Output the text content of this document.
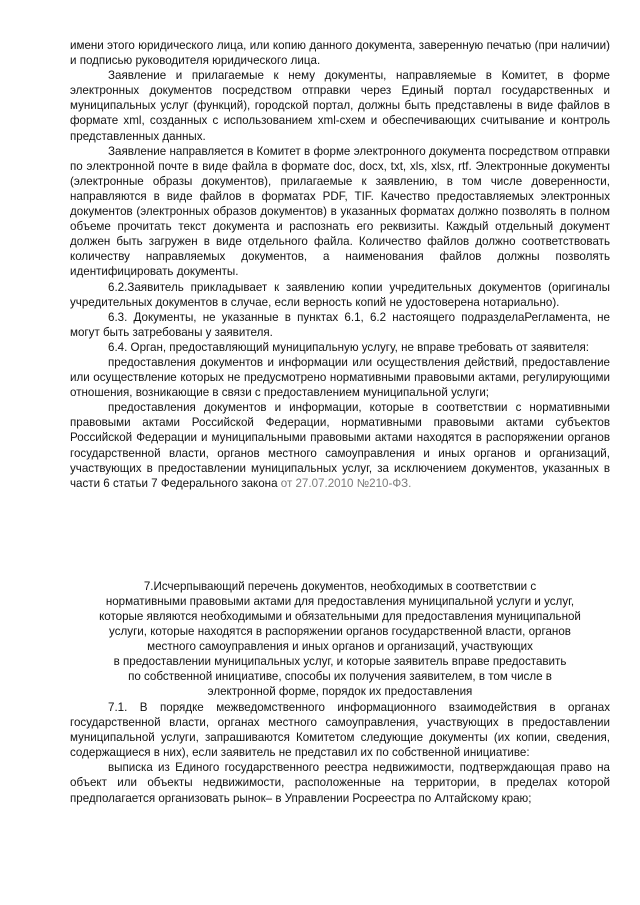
имени этого юридического лица, или копию данного документа, заверенную печатью (при наличии) и подписью руководителя юридического лица.

Заявление и прилагаемые к нему документы, направляемые в Комитет, в форме электронных документов посредством отправки через Единый портал государственных и муниципальных услуг (функций), городской портал, должны быть представлены в виде файлов в формате xml, созданных с использованием xml-схем и обеспечивающих считывание и контроль представленных данных.

Заявление направляется в Комитет в форме электронного документа посредством отправки по электронной почте в виде файла в формате doc, docx, txt, xls, xlsx, rtf. Электронные документы (электронные образы документов), прилагаемые к заявлению, в том числе доверенности, направляются в виде файлов в форматах PDF, TIF. Качество предоставляемых электронных документов (электронных образов документов) в указанных форматах должно позволять в полном объеме прочитать текст документа и распознать его реквизиты. Каждый отдельный документ должен быть загружен в виде отдельного файла. Количество файлов должно соответствовать количеству направляемых документов, а наименования файлов должны позволять идентифицировать документы.

6.2.Заявитель прикладывает к заявлению копии учредительных документов (оригиналы учредительных документов в случае, если верность копий не удостоверена нотариально).

6.3. Документы, не указанные в пунктах 6.1, 6.2 настоящего подразделаРегламента, не могут быть затребованы у заявителя.

6.4. Орган, предоставляющий муниципальную услугу, не вправе требовать от заявителя:

предоставления документов и информации или осуществления действий, предоставление или осуществление которых не предусмотрено нормативными правовыми актами, регулирующими отношения, возникающие в связи с предоставлением муниципальной услуги;

предоставления документов и информации, которые в соответствии с нормативными правовыми актами Российской Федерации, нормативными правовыми актами субъектов Российской Федерации и муниципальными правовыми актами находятся в распоряжении органов государственной власти, органов местного самоуправления и иных органов и организаций, участвующих в предоставлении муниципальных услуг, за исключением документов, указанных в части 6 статьи 7 Федерального закона от 27.07.2010 №210-ФЗ.

7.Исчерпывающий перечень документов, необходимых в соответствии с

нормативными правовыми актами для предоставления муниципальной услуги и услуг,

которые являются необходимыми и обязательными для предоставления муниципальной

услуги, которые находятся в распоряжении органов государственной власти, органов

местного самоуправления и иных органов и организаций, участвующих

в предоставлении муниципальных услуг, и которые заявитель вправе предоставить

по собственной инициативе, способы их получения заявителем, в том числе в

электронной форме, порядок их предоставления

7.1. В порядке межведомственного информационного взаимодействия в органах государственной власти, органах местного самоуправления, участвующих в предоставлении муниципальной услуги, запрашиваются Комитетом следующие документы (их копии, сведения, содержащиеся в них), если заявитель не представил их по собственной инициативе:

выписка из Единого государственного реестра недвижимости, подтверждающая право на объект или объекты недвижимости, расположенные на территории, в пределах которой предполагается организовать рынок– в Управлении Росреестра по Алтайскому краю;
